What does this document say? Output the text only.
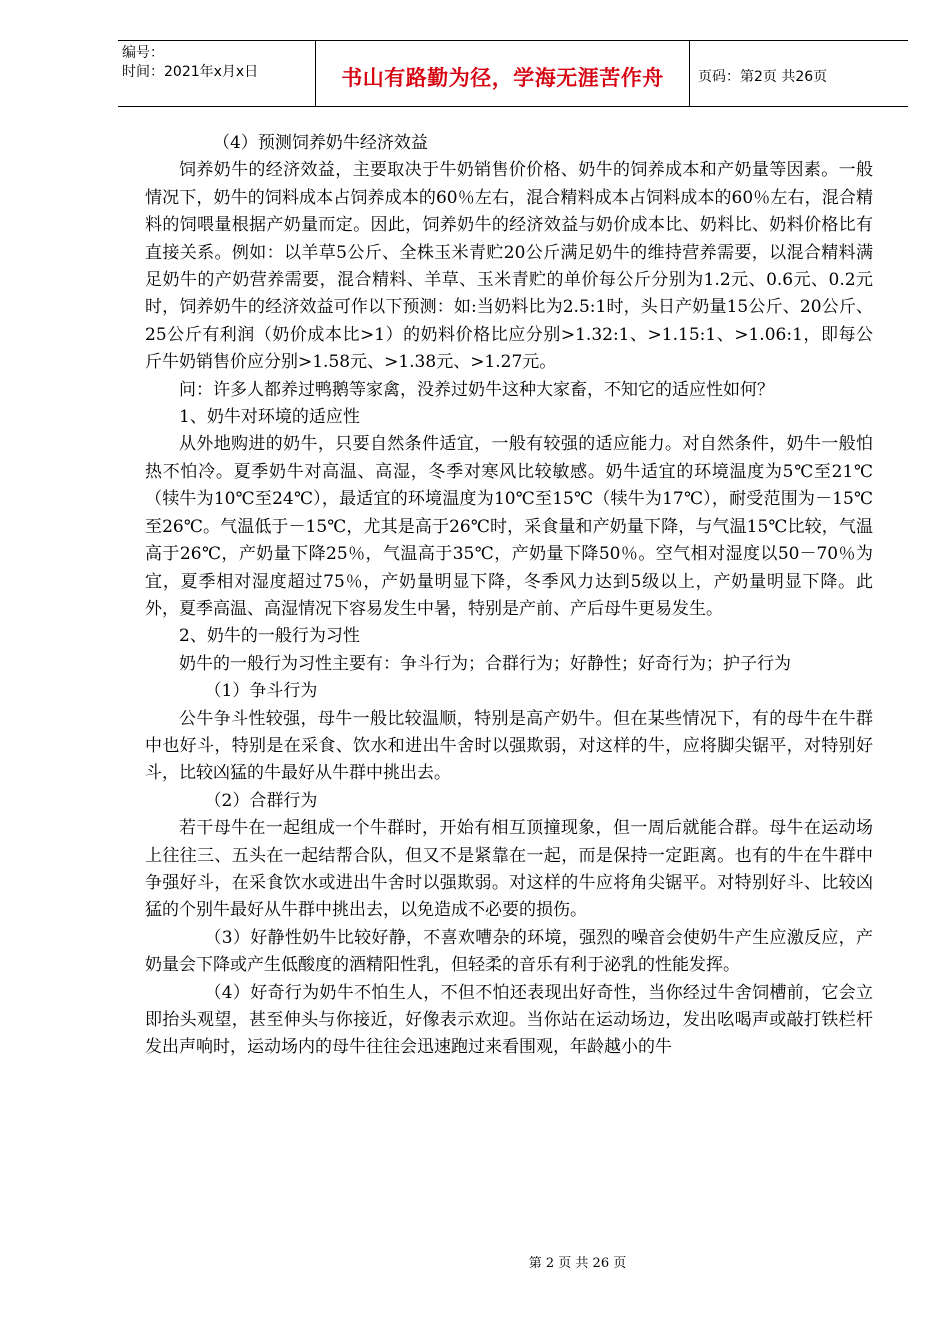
编号：
时间：2021年x月x日	书山有路勤为径，学海无涯苦作舟 页码：第2页 共26页

（4）预测饲养奶牛经济效益

饲养奶牛的经济效益，主要取决于牛奶销售价价格、奶牛的饲养成本和产奶量等因素。一般情况下，奶牛的饲料成本占饲养成本的60％左右，混合精料成本占饲料成本的60％左右，混合精料的饲喂量根据产奶量而定。因此，饲养奶牛的经济效益与奶价成本比、奶料比、奶料价格比有直接关系。例如：以羊草5公斤、全株玉米青贮20公斤满足奶牛的维持营养需要，以混合精料满足奶牛的产奶营养需要，混合精料、羊草、玉米青贮的单价每公斤分别为1.2元、0.6元、0.2元时，饲养奶牛的经济效益可作以下预测：如:当奶料比为2.5:1时，头日产奶量15公斤、20公斤、25公斤有利润（奶价成本比>1）的奶料价格比应分别>1.32:1、>1.15:1、>1.06:1，即每公斤牛奶销售价应分别>1.58元、>1.38元、>1.27元。

问：许多人都养过鸭鹅等家禽，没养过奶牛这种大家畜，不知它的适应性如何？

1、奶牛对环境的适应性

从外地购进的奶牛，只要自然条件适宜，一般有较强的适应能力。对自然条件，奶牛一般怕热不怕冷。夏季奶牛对高温、高湿，冬季对寒风比较敏感。奶牛适宜的环境温度为5℃至21℃（犊牛为10℃至24℃），最适宜的环境温度为10℃至15℃（犊牛为17℃），耐受范围为－15℃至26℃。气温低于－15℃，尤其是高于26℃时，采食量和产奶量下降，与气温15℃比较，气温高于26℃，产奶量下降25％，气温高于35℃，产奶量下降50％。空气相对湿度以50－70％为宜，夏季相对湿度超过75％，产奶量明显下降，冬季风力达到5级以上，产奶量明显下降。此外，夏季高温、高湿情况下容易发生中暑，特别是产前、产后母牛更易发生。

2、奶牛的一般行为习性

奶牛的一般行为习性主要有：争斗行为；合群行为；好静性；好奇行为；护子行为

（1）争斗行为

公牛争斗性较强，母牛一般比较温顺，特别是高产奶牛。但在某些情况下，有的母牛在牛群中也好斗，特别是在采食、饮水和进出牛舍时以强欺弱，对这样的牛，应将脚尖锯平，对特别好斗，比较凶猛的牛最好从牛群中挑出去。

（2）合群行为

若干母牛在一起组成一个牛群时，开始有相互顶撞现象，但一周后就能合群。母牛在运动场上往往三、五头在一起结帮合队，但又不是紧靠在一起，而是保持一定距离。也有的牛在牛群中争强好斗，在采食饮水或进出牛舍时以强欺弱。对这样的牛应将角尖锯平。对特别好斗、比较凶猛的个别牛最好从牛群中挑出去，以免造成不必要的损伤。

（3）好静性奶牛比较好静，不喜欢嘈杂的环境，强烈的噪音会使奶牛产生应激反应，产奶量会下降或产生低酸度的酒精阳性乳，但轻柔的音乐有利于泌乳的性能发挥。

（4）好奇行为奶牛不怕生人，不但不怕还表现出好奇性，当你经过牛舍饲槽前，它会立即抬头观望，甚至伸头与你接近，好像表示欢迎。当你站在运动场边，发出吆喝声或敲打铁栏杆发出声响时，运动场内的母牛往往会迅速跑过来看围观，年龄越小的牛

第 2 页 共 26 页
